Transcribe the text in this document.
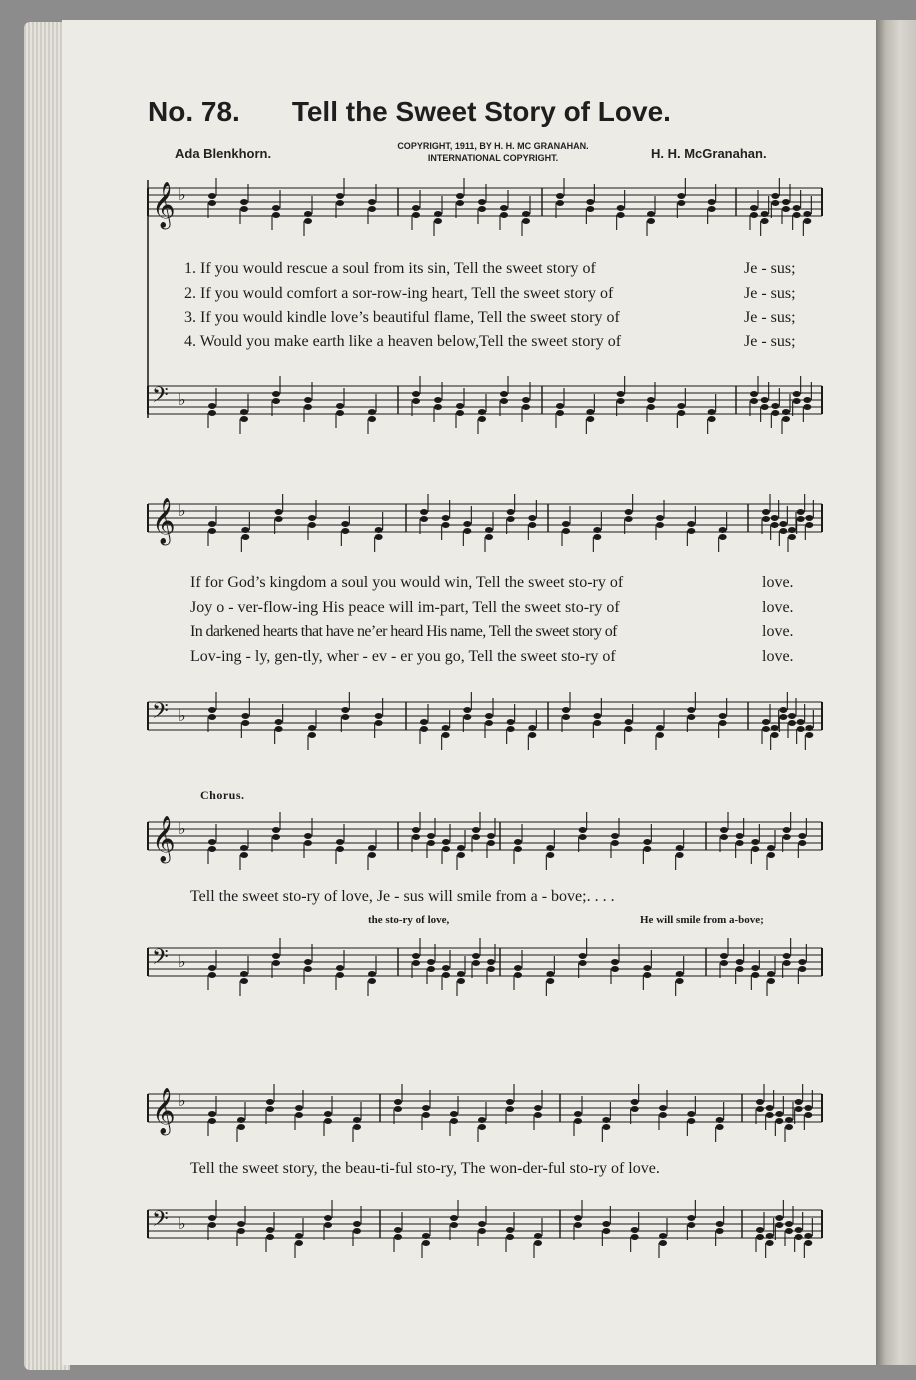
No. 78. Tell the Sweet Story of Love.
Ada Blenkhorn.	COPYRIGHT, 1911, BY H. H. MC GRANAHAN.
INTERNATIONAL COPYRIGHT.	H. H. McGranahan.
𝄞 ♭
𝄢 ♭
𝄞 ♭
𝄢 ♭
𝄞 ♭
𝄢 ♭
𝄞 ♭
𝄢 ♭
1. If you would rescue a soul from its sin, Tell the sweet story of	Je - sus;
2. If you would comfort a sor-row-ing heart, Tell the sweet story of	Je - sus;
3. If you would kindle love’s beautiful flame, Tell the sweet story of	Je - sus;
4. Would you make earth like a heaven below,Tell the sweet story of	Je - sus;
If for God’s kingdom a soul you would win, Tell the sweet sto-ry of	love.
Joy o - ver-flow-ing His peace will im-part, Tell the sweet sto-ry of	love.
In darkened hearts that have ne’er heard His name, Tell the sweet story of	love.
Lov-ing - ly, gen-tly, wher - ev - er you go, Tell the sweet sto-ry of	love.
Chorus.
Tell the sweet sto-ry of love, Je - sus will smile from a - bove;. . . .
the sto-ry of love,	He will smile from a-bove;
Tell the sweet story, the beau-ti-ful sto-ry, The won-der-ful sto-ry of love.
